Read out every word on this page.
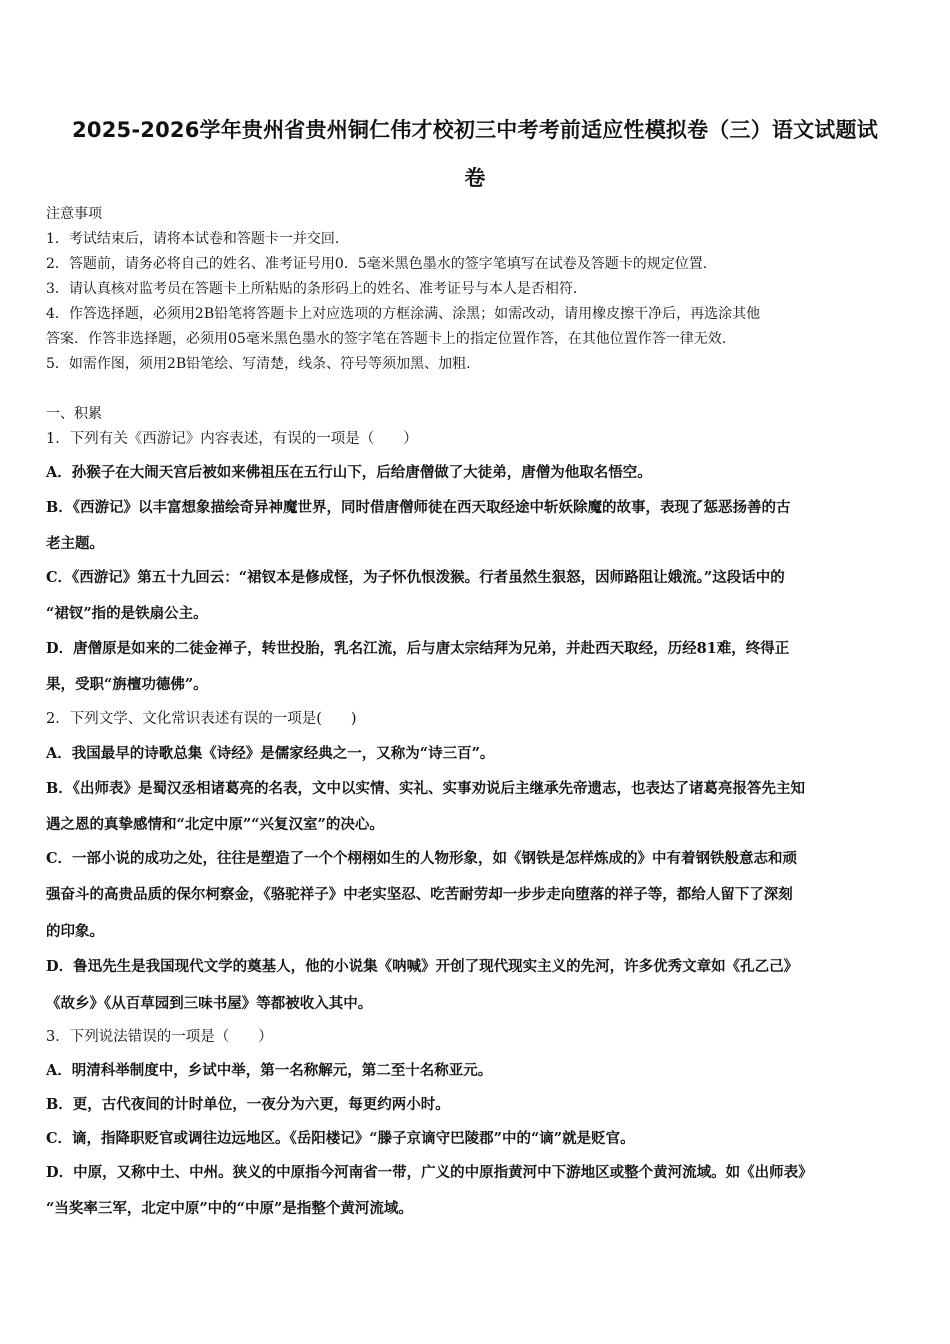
2025-2026学年贵州省贵州铜仁伟才校初三中考考前适应性模拟卷（三）语文试题试
卷
注意事项
1．考试结束后，请将本试卷和答题卡一并交回.
2．答题前，请务必将自己的姓名、准考证号用0．5毫米黑色墨水的签字笔填写在试卷及答题卡的规定位置.
3．请认真核对监考员在答题卡上所粘贴的条形码上的姓名、准考证号与本人是否相符.
4．作答选择题，必须用2B铅笔将答题卡上对应选项的方框涂满、涂黑；如需改动，请用橡皮擦干净后，再选涂其他
答案．作答非选择题，必须用05毫米黑色墨水的签字笔在答题卡上的指定位置作答，在其他位置作答一律无效.
5．如需作图，须用2B铅笔绘、写清楚，线条、符号等须加黑、加粗.
一、积累
1．下列有关《西游记》内容表述，有误的一项是（　　）
A．孙猴子在大闹天宫后被如来佛祖压在五行山下，后给唐僧做了大徒弟，唐僧为他取名悟空。
B．《西游记》以丰富想象描绘奇异神魔世界，同时借唐僧师徒在西天取经途中斩妖除魔的故事，表现了惩恶扬善的古
老主题。
C．《西游记》第五十九回云：“裙钗本是修成怪，为子怀仇恨泼猴。行者虽然生狠怒，因师路阻让娥流。”这段话中的
“裙钗”指的是铁扇公主。
D．唐僧原是如来的二徒金禅子，转世投胎，乳名江流，后与唐太宗结拜为兄弟，并赴西天取经，历经81难，终得正
果，受职“旃檀功德佛”。
2．下列文学、文化常识表述有误的一项是(　　)
A．我国最早的诗歌总集《诗经》是儒家经典之一，又称为“诗三百”。
B．《出师表》是蜀汉丞相诸葛亮的名表，文中以实情、实礼、实事劝说后主继承先帝遗志，也表达了诸葛亮报答先主知
遇之恩的真挚感情和“北定中原”“兴复汉室”的决心。
C．一部小说的成功之处，往往是塑造了一个个栩栩如生的人物形象，如《钢铁是怎样炼成的》中有着钢铁般意志和顽
强奋斗的高贵品质的保尔柯察金，《骆驼祥子》中老实坚忍、吃苦耐劳却一步步走向堕落的祥子等，都给人留下了深刻
的印象。
D．鲁迅先生是我国现代文学的奠基人，他的小说集《呐喊》开创了现代现实主义的先河，许多优秀文章如《孔乙己》
《故乡》《从百草园到三味书屋》等都被收入其中。
3．下列说法错误的一项是（　　）
A．明清科举制度中，乡试中举，第一名称解元，第二至十名称亚元。
B．更，古代夜间的计时单位，一夜分为六更，每更约两小时。
C．谪，指降职贬官或调往边远地区。《岳阳楼记》“滕子京谪守巴陵郡”中的“谪”就是贬官。
D．中原，又称中土、中州。狭义的中原指今河南省一带，广义的中原指黄河中下游地区或整个黄河流域。如《出师表》
“当奖率三军，北定中原”中的“中原”是指整个黄河流域。
